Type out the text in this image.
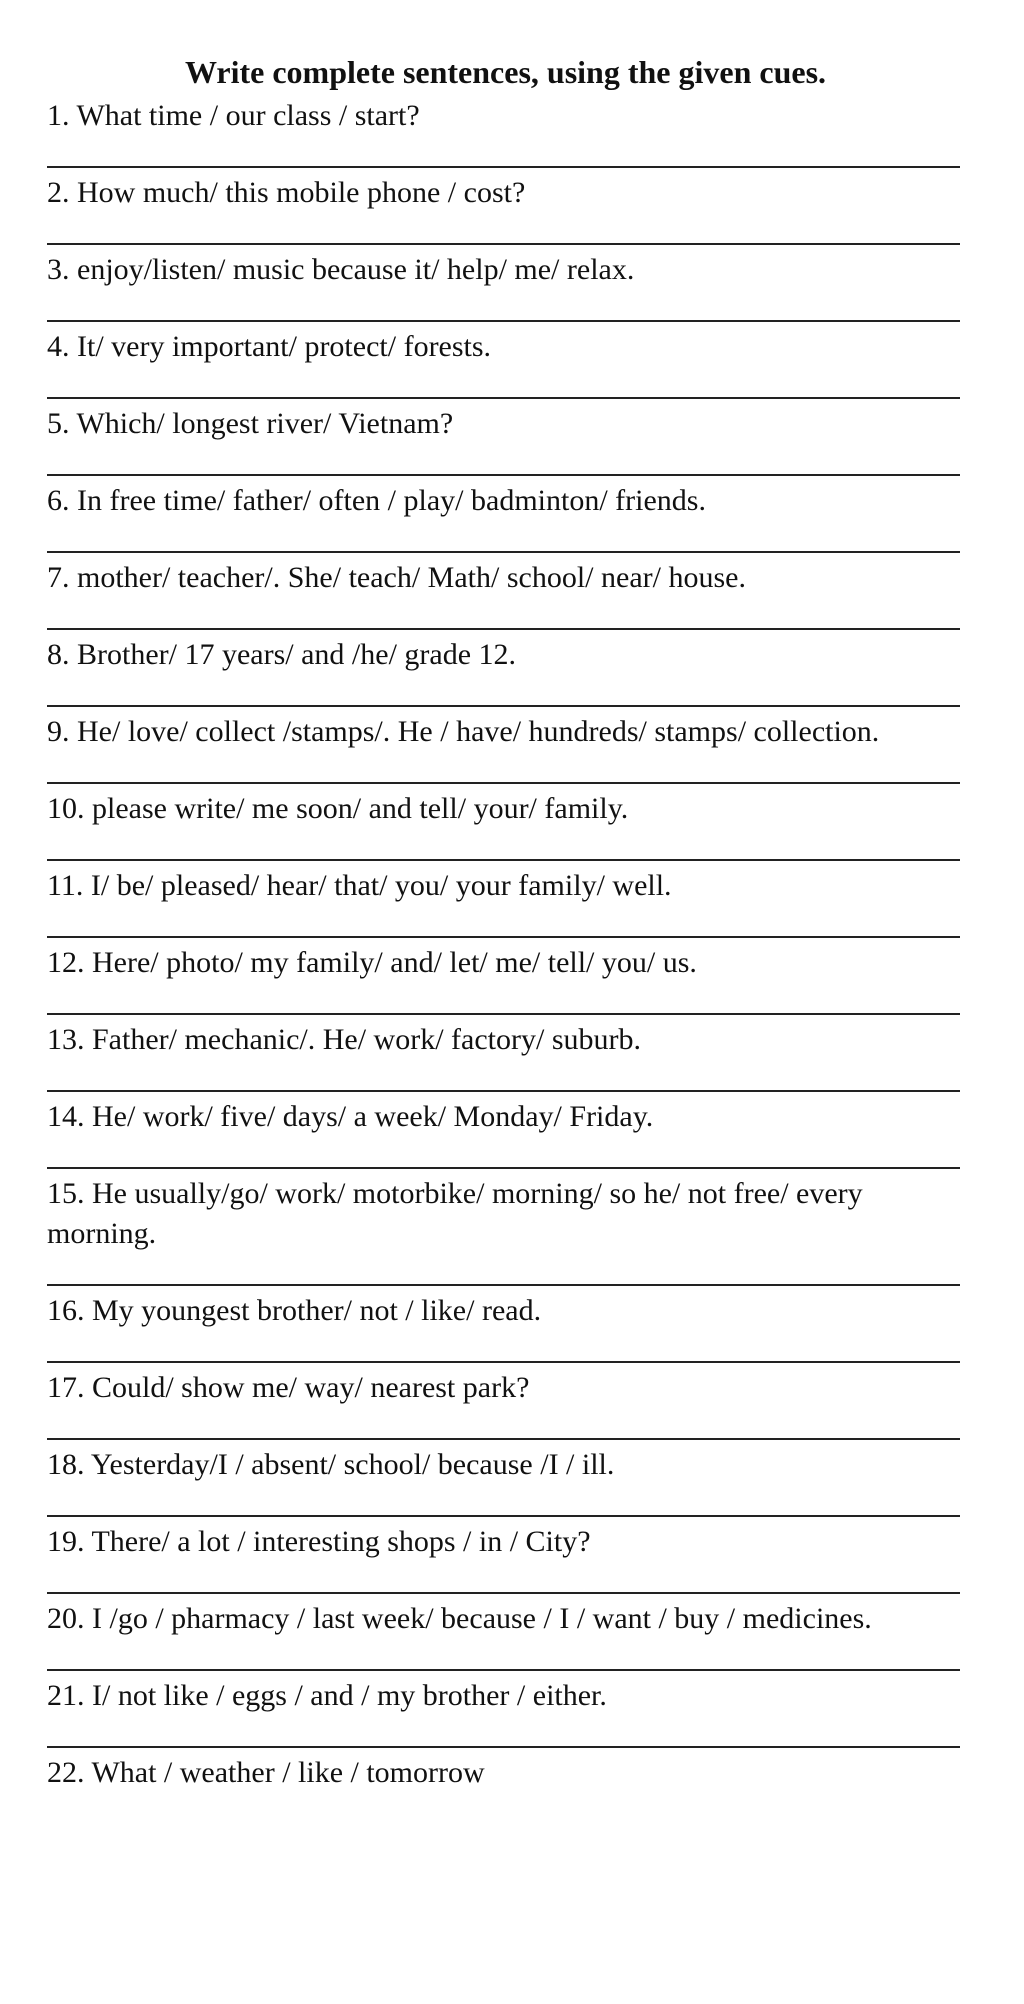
Write complete sentences, using the given cues.

1. What time / our class / start?

2. How much/ this mobile phone / cost?

3. enjoy/listen/ music because it/ help/ me/ relax.

4. It/ very important/ protect/ forests.

5. Which/ longest river/ Vietnam?

6. In free time/ father/ often / play/ badminton/ friends.

7. mother/ teacher/. She/ teach/ Math/ school/ near/ house.

8. Brother/ 17 years/ and /he/ grade 12.

9. He/ love/ collect /stamps/. He / have/ hundreds/ stamps/ collection.

10. please write/ me soon/ and tell/ your/ family.

11. I/ be/ pleased/ hear/ that/ you/ your family/ well.

12. Here/ photo/ my family/ and/ let/ me/ tell/ you/ us.

13. Father/ mechanic/. He/ work/ factory/ suburb.

14. He/ work/ five/ days/ a week/ Monday/ Friday.

15. He usually/go/ work/ motorbike/ morning/ so he/ not free/ every morning.

16. My youngest brother/ not / like/ read.

17. Could/ show me/ way/ nearest park?

18. Yesterday/I / absent/ school/ because /I / ill.

19. There/ a lot / interesting shops / in / City?

20. I /go / pharmacy / last week/ because / I / want / buy / medicines.

21. I/ not like / eggs / and / my brother / either.

22. What / weather / like / tomorrow
